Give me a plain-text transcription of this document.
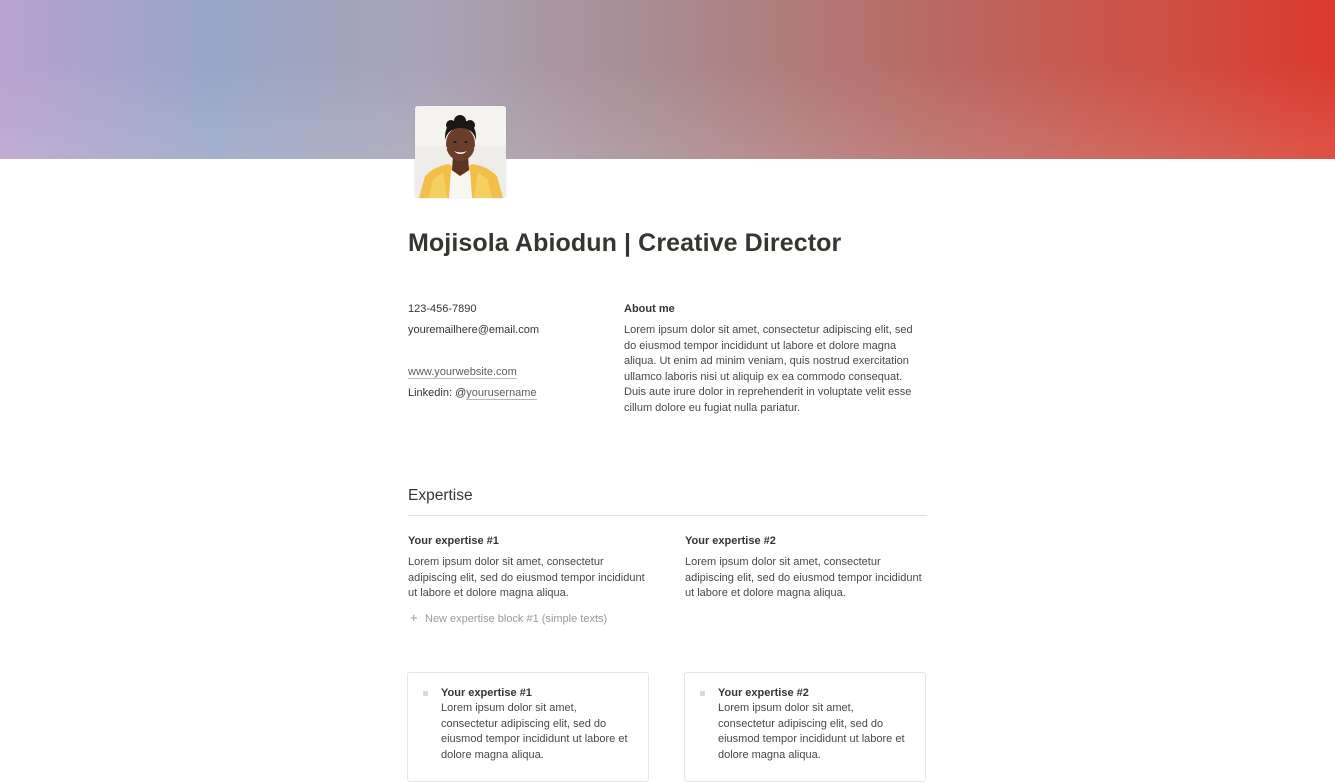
Mojisola Abiodun | Creative Director
123-456-7890
youremailhere@email.com
www.yourwebsite.com
Linkedin: @yourusername
About me

Lorem ipsum dolor sit amet, consectetur adipiscing elit, sed do eiusmod tempor incididunt ut labore et dolore magna aliqua. Ut enim ad minim veniam, quis nostrud exercitation ullamco laboris nisi ut aliquip ex ea commodo consequat. Duis aute irure dolor in reprehenderit in voluptate velit esse cillum dolore eu fugiat nulla pariatur.

Expertise
Your expertise #1

Lorem ipsum dolor sit amet, consectetur adipiscing elit, sed do eiusmod tempor incididunt ut labore et dolore magna aliqua.

Your expertise #2

Lorem ipsum dolor sit amet, consectetur adipiscing elit, sed do eiusmod tempor incididunt ut labore et dolore magna aliqua.

+ New expertise block #1 (simple texts)
Your expertise #1

Lorem ipsum dolor sit amet, consectetur adipiscing elit, sed do eiusmod tempor incididunt ut labore et dolore magna aliqua.

Your expertise #2

Lorem ipsum dolor sit amet, consectetur adipiscing elit, sed do eiusmod tempor incididunt ut labore et dolore magna aliqua.
